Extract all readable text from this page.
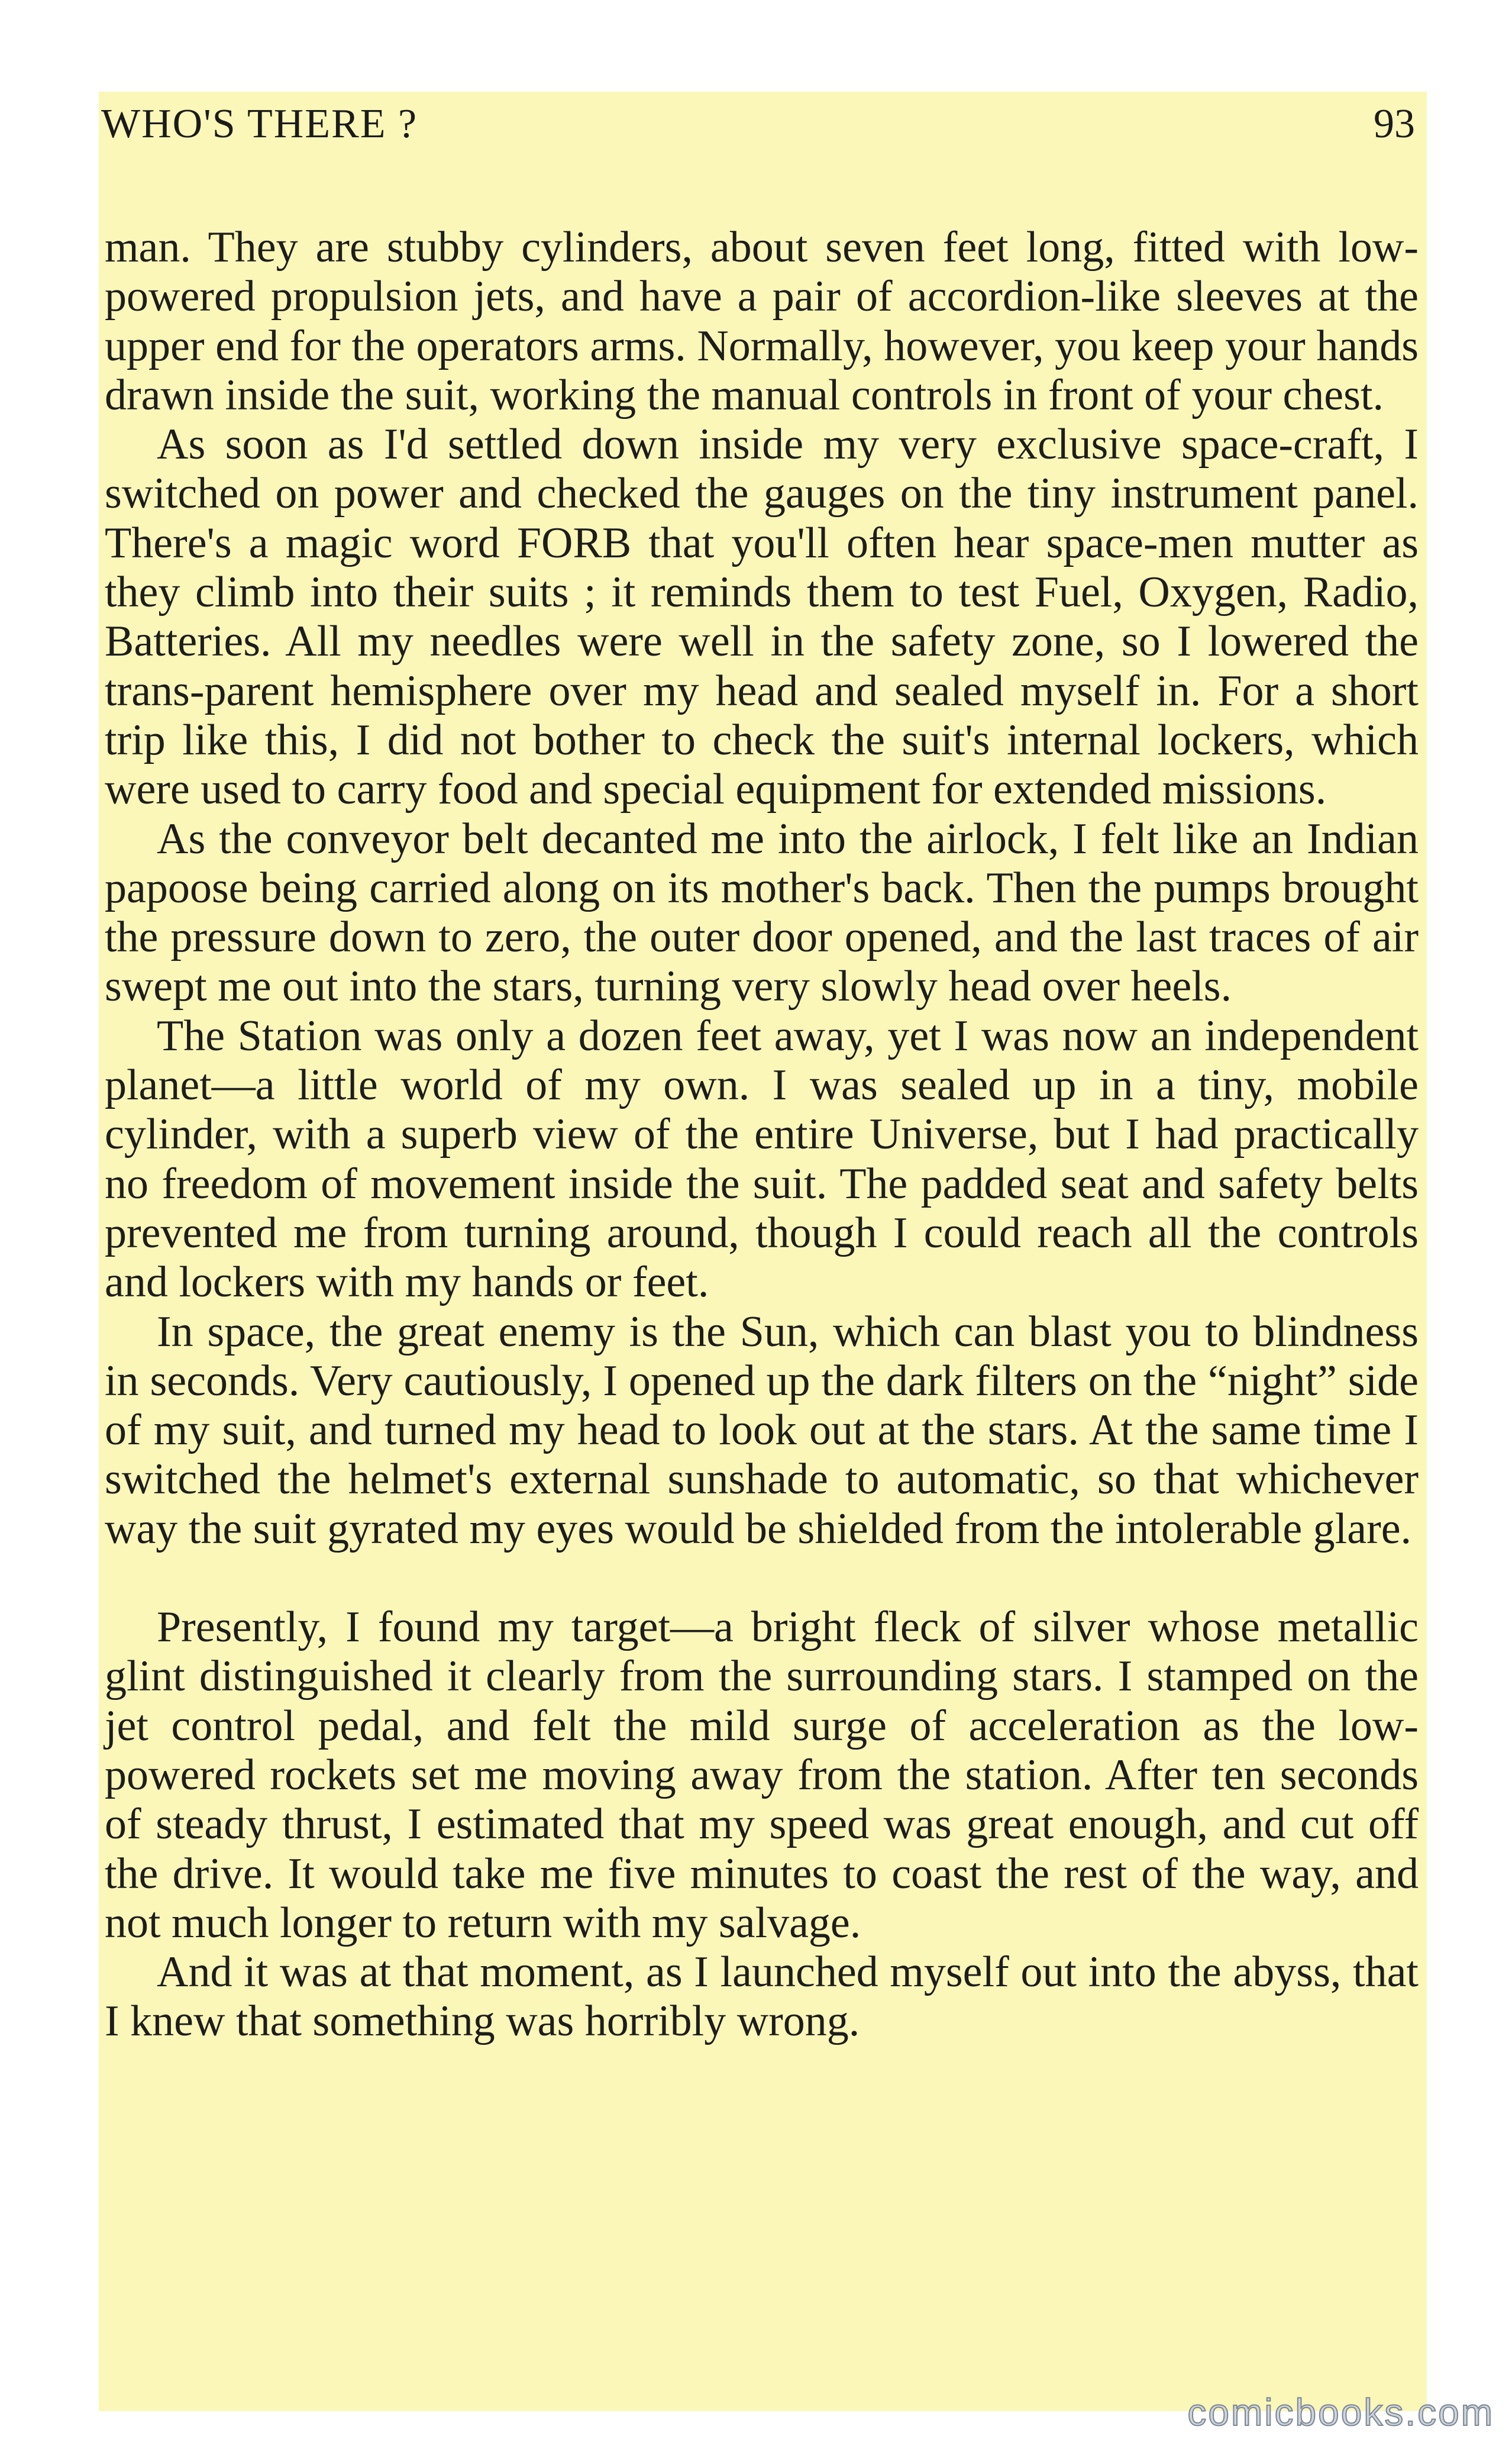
WHO'S THERE ?	93

man. They are stubby cylinders, about seven feet long, fitted with low-powered propulsion jets, and have a pair of accordion-like sleeves at the upper end for the operators arms. Normally, however, you keep your hands drawn inside the suit, working the manual controls in front of your chest.

As soon as I'd settled down inside my very exclusive space-craft, I switched on power and checked the gauges on the tiny instrument panel. There's a magic word FORB that you'll often hear space-men mutter as they climb into their suits ; it reminds them to test Fuel, Oxygen, Radio, Batteries. All my needles were well in the safety zone, so I lowered the trans-parent hemisphere over my head and sealed myself in. For a short trip like this, I did not bother to check the suit's internal lockers, which were used to carry food and special equipment for extended missions.

As the conveyor belt decanted me into the airlock, I felt like an Indian papoose being carried along on its mother's back. Then the pumps brought the pressure down to zero, the outer door opened, and the last traces of air swept me out into the stars, turning very slowly head over heels.

The Station was only a dozen feet away, yet I was now an independent planet—a little world of my own. I was sealed up in a tiny, mobile cylinder, with a superb view of the entire Universe, but I had practically no freedom of movement inside the suit. The padded seat and safety belts prevented me from turning around, though I could reach all the controls and lockers with my hands or feet.

In space, the great enemy is the Sun, which can blast you to blindness in seconds. Very cautiously, I opened up the dark filters on the “night” side of my suit, and turned my head to look out at the stars. At the same time I switched the helmet's external sunshade to automatic, so that whichever way the suit gyrated my eyes would be shielded from the intolerable glare.

Presently, I found my target—a bright fleck of silver whose metallic glint distinguished it clearly from the surrounding stars. I stamped on the jet control pedal, and felt the mild surge of acceleration as the low-powered rockets set me moving away from the station. After ten seconds of steady thrust, I estimated that my speed was great enough, and cut off the drive. It would take me five minutes to coast the rest of the way, and not much longer to return with my salvage.

And it was at that moment, as I launched myself out into the abyss, that I knew that something was horribly wrong.

comicbooks.com
